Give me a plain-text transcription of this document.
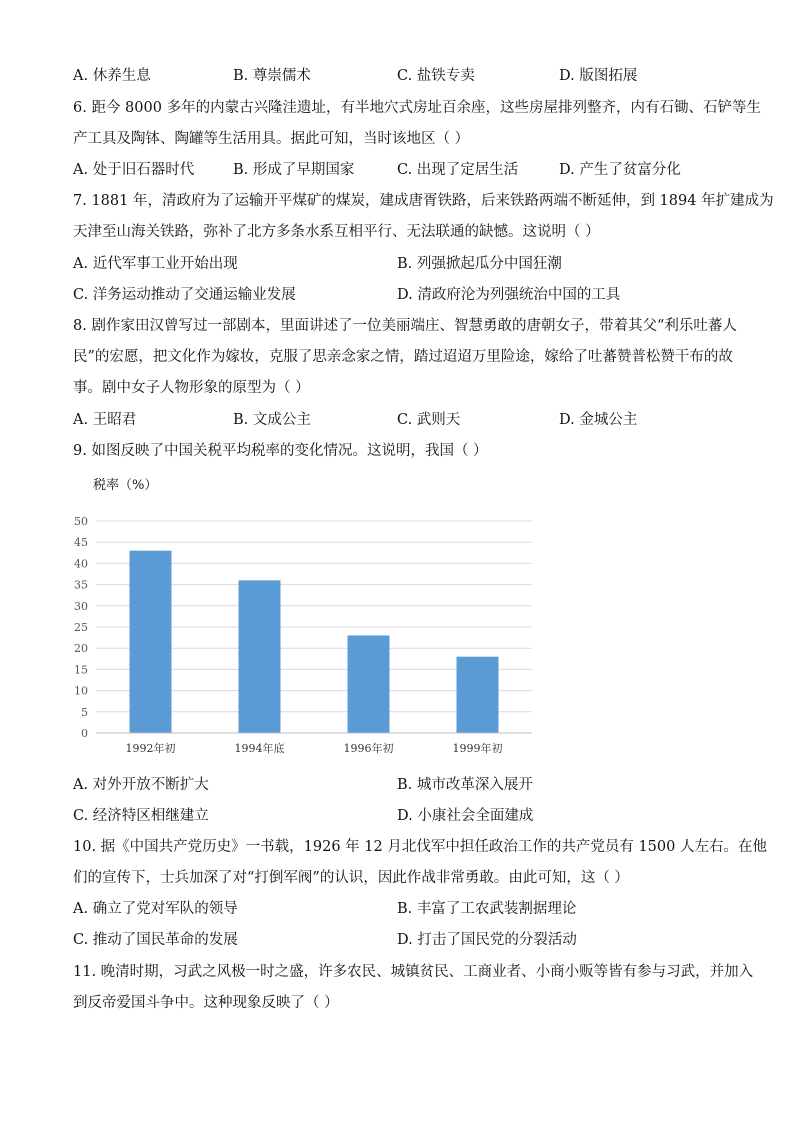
A. 休养生息	B. 尊崇儒术	C. 盐铁专卖	D. 版图拓展
6. 距今 8000 多年的内蒙古兴隆洼遗址，有半地穴式房址百余座，这些房屋排列整齐，内有石锄、石铲等生
产工具及陶钵、陶罐等生活用具。据此可知，当时该地区（ ）
A. 处于旧石器时代	B. 形成了早期国家	C. 出现了定居生活	D. 产生了贫富分化
7. 1881 年，清政府为了运输开平煤矿的煤炭，建成唐胥铁路，后来铁路两端不断延伸，到 1894 年扩建成为
天津至山海关铁路，弥补了北方多条水系互相平行、无法联通的缺憾。这说明（ ）
A. 近代军事工业开始出现	B. 列强掀起瓜分中国狂潮
C. 洋务运动推动了交通运输业发展	D. 清政府沦为列强统治中国的工具
8. 剧作家田汉曾写过一部剧本，里面讲述了一位美丽端庄、智慧勇敢的唐朝女子，带着其父“利乐吐蕃人
民”的宏愿，把文化作为嫁妆，克服了思亲念家之情，踏过迢迢万里险途，嫁给了吐蕃赞普松赞干布的故
事。剧中女子人物形象的原型为（ ）
A. 王昭君	B. 文成公主	C. 武则天	D. 金城公主
9. 如图反映了中国关税平均税率的变化情况。这说明，我国（ ）
税率（%）
0
5
10
15
20
25
30
35
40
45
50
1992年初	1994年底	1996年初	1999年初
A. 对外开放不断扩大	B. 城市改革深入展开
C. 经济特区相继建立	D. 小康社会全面建成
10. 据《中国共产党历史》一书载，1926 年 12 月北伐军中担任政治工作的共产党员有 1500 人左右。在他
们的宣传下，士兵加深了对“打倒军阀”的认识，因此作战非常勇敢。由此可知，这（ ）
A. 确立了党对军队的领导	B. 丰富了工农武装割据理论
C. 推动了国民革命的发展	D. 打击了国民党的分裂活动
11. 晚清时期，习武之风极一时之盛，许多农民、城镇贫民、工商业者、小商小贩等皆有参与习武，并加入
到反帝爱国斗争中。这种现象反映了（ ）
